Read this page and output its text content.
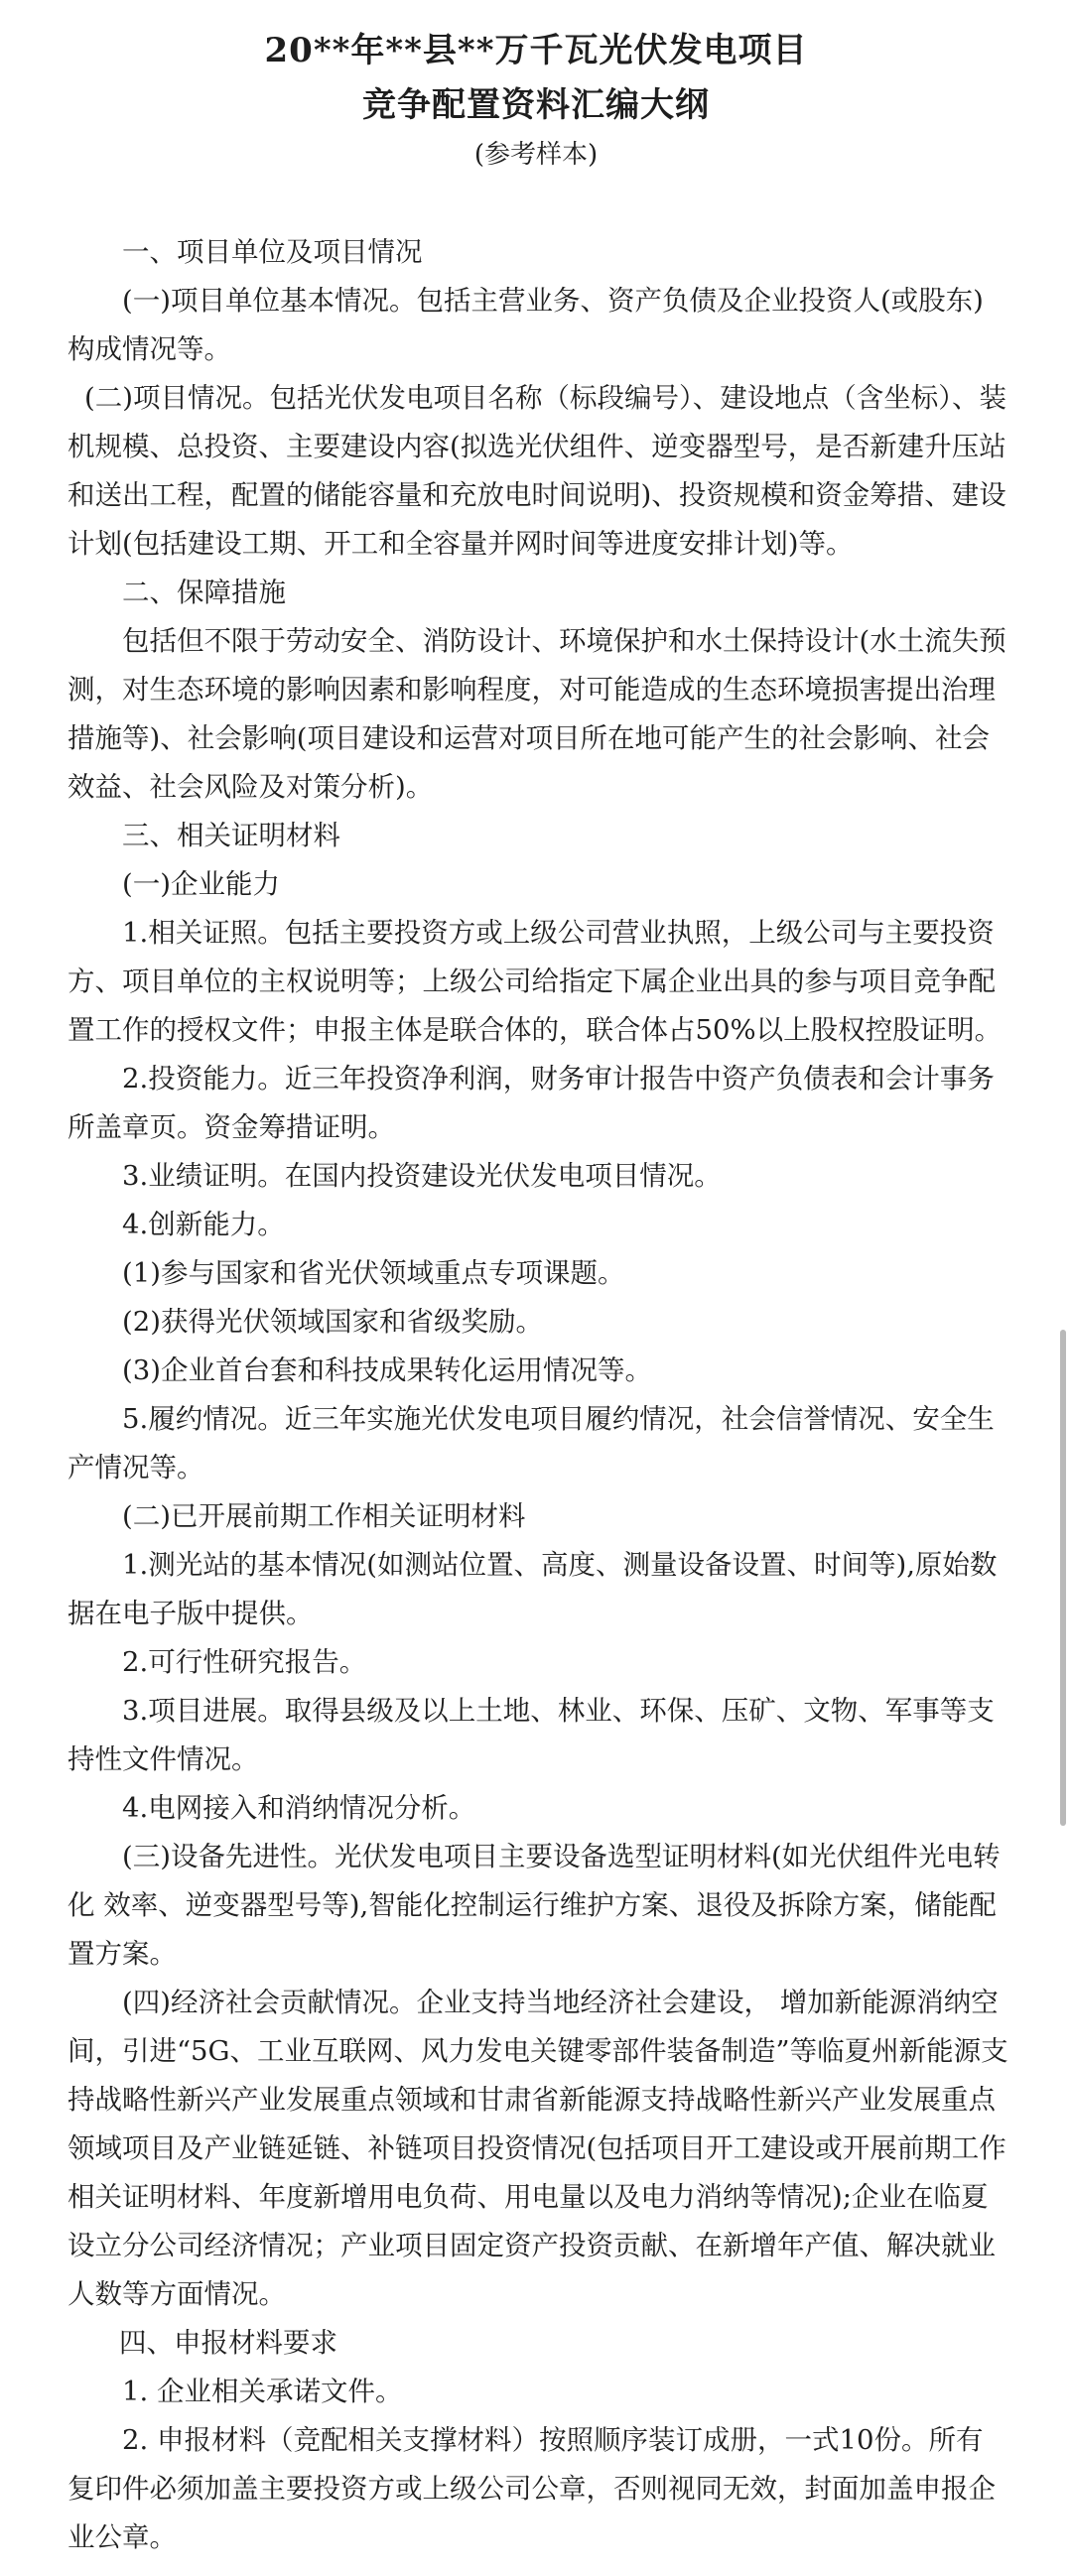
20**年**县**万千瓦光伏发电项目
竞争配置资料汇编大纲
(参考样本)

一、项目单位及项目情况

(一)项目单位基本情况。包括主营业务、资产负债及企业投资人(或股东)构成情况等。

(二)项目情况。包括光伏发电项目名称（标段编号）、建设地点（含坐标）、装机规模、总投资、主要建设内容(拟选光伏组件、逆变器型号，是否新建升压站和送出工程，配置的储能容量和充放电时间说明)、投资规模和资金筹措、建设计划(包括建设工期、开工和全容量并网时间等进度安排计划)等。

二、保障措施

包括但不限于劳动安全、消防设计、环境保护和水土保持设计(水土流失预测，对生态环境的影响因素和影响程度，对可能造成的生态环境损害提出治理措施等)、社会影响(项目建设和运营对项目所在地可能产生的社会影响、社会效益、社会风险及对策分析)。

三、相关证明材料

(一)企业能力

1.相关证照。包括主要投资方或上级公司营业执照，上级公司与主要投资方、项目单位的主权说明等；上级公司给指定下属企业出具的参与项目竞争配置工作的授权文件；申报主体是联合体的，联合体占50%以上股权控股证明。

2.投资能力。近三年投资净利润，财务审计报告中资产负债表和会计事务所盖章页。资金筹措证明。

3.业绩证明。在国内投资建设光伏发电项目情况。

4.创新能力。

(1)参与国家和省光伏领域重点专项课题。

(2)获得光伏领域国家和省级奖励。

(3)企业首台套和科技成果转化运用情况等。

5.履约情况。近三年实施光伏发电项目履约情况，社会信誉情况、安全生产情况等。

(二)已开展前期工作相关证明材料

1.测光站的基本情况(如测站位置、高度、测量设备设置、时间等),原始数据在电子版中提供。

2.可行性研究报告。

3.项目进展。取得县级及以上土地、林业、环保、压矿、文物、军事等支持性文件情况。

4.电网接入和消纳情况分析。

(三)设备先进性。光伏发电项目主要设备选型证明材料(如光伏组件光电转化 效率、逆变器型号等),智能化控制运行维护方案、退役及拆除方案，储能配置方案。

(四)经济社会贡献情况。企业支持当地经济社会建设， 增加新能源消纳空间，引进“5G、工业互联网、风力发电关键零部件装备制造”等临夏州新能源支持战略性新兴产业发展重点领域和甘肃省新能源支持战略性新兴产业发展重点领域项目及产业链延链、补链项目投资情况(包括项目开工建设或开展前期工作相关证明材料、年度新增用电负荷、用电量以及电力消纳等情况);企业在临夏设立分公司经济情况；产业项目固定资产投资贡献、在新增年产值、解决就业人数等方面情况。

四、申报材料要求

1. 企业相关承诺文件。

2. 申报材料（竞配相关支撑材料）按照顺序装订成册，一式10份。所有复印件必须加盖主要投资方或上级公司公章，否则视同无效，封面加盖申报企业公章。
